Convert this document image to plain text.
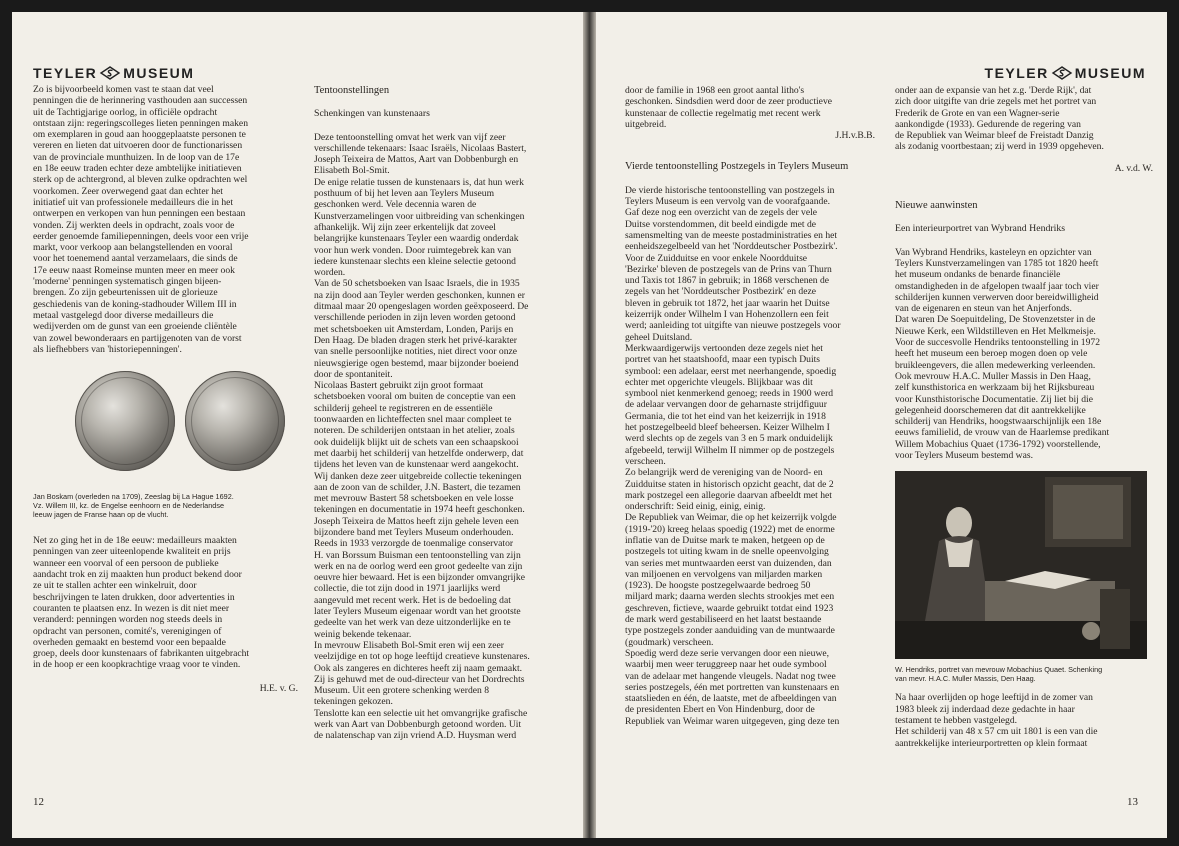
TEYLER MUSEUM

Zo is bijvoorbeeld komen vast te staan dat veel
penningen die de herinnering vasthouden aan successen
uit de Tachtigjarige oorlog, in officiële opdracht
ontstaan zijn: regeringscolleges lieten penningen maken
om exemplaren in goud aan hooggeplaatste personen te
vereren en lieten dat uitvoeren door de functionarissen
van de provinciale munthuizen. In de loop van de 17e
en 18e eeuw traden echter deze ambtelijke initiatieven
sterk op de achtergrond, al bleven zulke opdrachten wel
voorkomen. Zeer overwegend gaat dan echter het
initiatief uit van professionele medailleurs die in het
ontwerpen en verkopen van hun penningen een bestaan
vonden. Zij werkten deels in opdracht, zoals voor de
eerder genoemde familiepenningen, deels voor een vrije
markt, voor verkoop aan belangstellenden en vooral
voor het toenemend aantal verzamelaars, die sinds de
17e eeuw naast Romeinse munten meer en meer ook
'moderne' penningen systematisch gingen bijeen-
brengen. Zo zijn gebeurtenissen uit de glorieuze
geschiedenis van de koning-stadhouder Willem III in
metaal vastgelegd door diverse medailleurs die
wedijverden om de gunst van een groeiende cliëntèle
van zowel bewonderaars en partijgenoten van de vorst
als liefhebbers van 'historiepenningen'.

Jan Boskam (overleden na 1709), Zeeslag bij La Hague 1692.
Vz. Willem III, kz. de Engelse eenhoorn en de Nederlandse
leeuw jagen de Franse haan op de vlucht.

Net zo ging het in de 18e eeuw: medailleurs maakten
penningen van zeer uiteenlopende kwaliteit en prijs
wanneer een voorval of een persoon de publieke
aandacht trok en zij maakten hun product bekend door
ze uit te stallen achter een winkelruit, door
beschrijvingen te laten drukken, door advertenties in
couranten te plaatsen enz. In wezen is dit niet meer
veranderd: penningen worden nog steeds deels in
opdracht van personen, comité's, verenigingen of
overheden gemaakt en bestemd voor een bepaalde
groep, deels door kunstenaars of fabrikanten uitgebracht
in de hoop er een koopkrachtige vraag voor te vinden.

H.E. v. G.

Tentoonstellingen

Schenkingen van kunstenaars

Deze tentoonstelling omvat het werk van vijf zeer
verschillende tekenaars: Isaac Israëls, Nicolaas Bastert,
Joseph Teixeira de Mattos, Aart van Dobbenburgh en
Elisabeth Bol-Smit.
De enige relatie tussen de kunstenaars is, dat hun werk
posthuum of bij het leven aan Teylers Museum
geschonken werd. Vele decennia waren de
Kunstverzamelingen voor uitbreiding van schenkingen
afhankelijk. Wij zijn zeer erkentelijk dat zoveel
belangrijke kunstenaars Teyler een waardig onderdak
voor hun werk vonden. Door ruimtegebrek kan van
iedere kunstenaar slechts een kleine selectie getoond
worden.
Van de 50 schetsboeken van Isaac Israels, die in 1935
na zijn dood aan Teyler werden geschonken, kunnen er
ditmaal maar 20 opengeslagen worden geëxposeerd. De
verschillende perioden in zijn leven worden getoond
met schetsboeken uit Amsterdam, Londen, Parijs en
Den Haag. De bladen dragen sterk het privé-karakter
van snelle persoonlijke notities, niet direct voor onze
nieuwsgierige ogen bestemd, maar bijzonder boeiend
door de spontaniteit.
Nicolaas Bastert gebruikt zijn groot formaat
schetsboeken vooral om buiten de conceptie van een
schilderij geheel te registreren en de essentiële
toonwaarden en lichteffecten snel maar compleet te
noteren. De schilderijen ontstaan in het atelier, zoals
ook duidelijk blijkt uit de schets van een schaapskooi
met daarbij het schilderij van hetzelfde onderwerp, dat
tijdens het leven van de kunstenaar werd aangekocht.
Wij danken deze zeer uitgebreide collectie tekeningen
aan de zoon van de schilder, J.N. Bastert, die tezamen
met mevrouw Bastert 58 schetsboeken en vele losse
tekeningen en documentatie in 1974 heeft geschonken.
Joseph Teixeira de Mattos heeft zijn gehele leven een
bijzondere band met Teylers Museum onderhouden.
Reeds in 1933 verzorgde de toenmalige conservator
H. van Borssum Buisman een tentoonstelling van zijn
werk en na de oorlog werd een groot gedeelte van zijn
oeuvre hier bewaard. Het is een bijzonder omvangrijke
collectie, die tot zijn dood in 1971 jaarlijks werd
aangevuld met recent werk. Het is de bedoeling dat
later Teylers Museum eigenaar wordt van het grootste
gedeelte van het werk van deze uitzonderlijke en te
weinig bekende tekenaar.
In mevrouw Elisabeth Bol-Smit eren wij een zeer
veelzijdige en tot op hoge leeftijd creatieve kunstenares.
Ook als zangeres en dichteres heeft zij naam gemaakt.
Zij is gehuwd met de oud-directeur van het Dordrechts
Museum. Uit een grotere schenking werden 8
tekeningen gekozen.
Tenslotte kan een selectie uit het omvangrijke grafische
werk van Aart van Dobbenburgh getoond worden. Uit
de nalatenschap van zijn vriend A.D. Huysman werd

12
TEYLER MUSEUM

door de familie in 1968 een groot aantal litho's
geschonken. Sindsdien werd door de zeer productieve
kunstenaar de collectie regelmatig met recent werk
uitgebreid.

J.H.v.B.B.

Vierde tentoonstelling Postzegels in Teylers Museum

De vierde historische tentoonstelling van postzegels in
Teylers Museum is een vervolg van de voorafgaande.
Gaf deze nog een overzicht van de zegels der vele
Duitse vorstendommen, dit beeld eindigde met de
samensmelting van de meeste postadministraties en het
eenheidszegelbeeld van het 'Norddeutscher Postbezirk'.
Voor de Zuidduitse en voor enkele Noordduitse
'Bezirke' bleven de postzegels van de Prins van Thurn
und Taxis tot 1867 in gebruik; in 1868 verschenen de
zegels van het 'Norddeutscher Postbezirk' en deze
bleven in gebruik tot 1872, het jaar waarin het Duitse
keizerrijk onder Wilhelm I van Hohenzollern een feit
werd; aanleiding tot uitgifte van nieuwe postzegels voor
geheel Duitsland.
Merkwaardigerwijs vertoonden deze zegels niet het
portret van het staatshoofd, maar een typisch Duits
symbool: een adelaar, eerst met neerhangende, spoedig
echter met opgerichte vleugels. Blijkbaar was dit
symbool niet kenmerkend genoeg; reeds in 1900 werd
de adelaar vervangen door de geharnaste strijdfiguur
Germania, die tot het eind van het keizerrijk in 1918
het postzegelbeeld bleef beheersen. Keizer Wilhelm I
werd slechts op de zegels van 3 en 5 mark onduidelijk
afgebeeld, terwijl Wilhelm II nimmer op de postzegels
verscheen.
Zo belangrijk werd de vereniging van de Noord- en
Zuidduitse staten in historisch opzicht geacht, dat de 2
mark postzegel een allegorie daarvan afbeeldt met het
onderschrift: Seid einig, einig, einig.
De Republiek van Weimar, die op het keizerrijk volgde
(1919-'20) kreeg helaas spoedig (1922) met de enorme
inflatie van de Duitse mark te maken, hetgeen op de
postzegels tot uiting kwam in de snelle opeenvolging
van series met muntwaarden eerst van duizenden, dan
van miljoenen en vervolgens van miljarden marken
(1923). De hoogste postzegelwaarde bedroeg 50
miljard mark; daarna werden slechts strookjes met een
geschreven, fictieve, waarde gebruikt totdat eind 1923
de mark werd gestabiliseerd en het laatst bestaande
type postzegels zonder aanduiding van de muntwaarde
(goudmark) verscheen.
Spoedig werd deze serie vervangen door een nieuwe,
waarbij men weer teruggreep naar het oude symbool
van de adelaar met hangende vleugels. Nadat nog twee
series postzegels, één met portretten van kunstenaars en
staatslieden en één, de laatste, met de afbeeldingen van
de presidenten Ebert en Von Hindenburg, door de
Republiek van Weimar waren uitgegeven, ging deze ten

onder aan de expansie van het z.g. 'Derde Rijk', dat
zich door uitgifte van drie zegels met het portret van
Frederik de Grote en van een Wagner-serie
aankondigde (1933). Gedurende de regering van
de Republiek van Weimar bleef de Freistadt Danzig
als zodanig voortbestaan; zij werd in 1939 opgeheven.

A. v.d. W.

Nieuwe aanwinsten

Een interieurportret van Wybrand Hendriks

Van Wybrand Hendriks, kasteleyn en opzichter van
Teylers Kunstverzamelingen van 1785 tot 1820 heeft
het museum ondanks de benarde financiële
omstandigheden in de afgelopen twaalf jaar toch vier
schilderijen kunnen verwerven door bereidwilligheid
van de eigenaren en steun van het Anjerfonds.
Dat waren De Soepuitdeling, De Stovenzetster in de
Nieuwe Kerk, een Wildstilleven en Het Melkmeisje.
Voor de succesvolle Hendriks tentoonstelling in 1972
heeft het museum een beroep mogen doen op vele
bruikleengevers, die allen medewerking verleenden.
Ook mevrouw H.A.C. Muller Massis in Den Haag,
zelf kunsthistorica en werkzaam bij het Rijksbureau
voor Kunsthistorische Documentatie. Zij liet bij die
gelegenheid doorschemeren dat dit aantrekkelijke
schilderij van Hendriks, hoogstwaarschijnlijk een 18e
eeuws familielid, de vrouw van de Haarlemse predikant
Willem Mobachius Quaet (1736-1792) voorstellende,
voor Teylers Museum bestemd was.

W. Hendriks, portret van mevrouw Mobachius Quaet. Schenking
van mevr. H.A.C. Muller Massis, Den Haag.

Na haar overlijden op hoge leeftijd in de zomer van
1983 bleek zij inderdaad deze gedachte in haar
testament te hebben vastgelegd.
Het schilderij van 48 x 57 cm uit 1801 is een van die
aantrekkelijke interieurportretten op klein formaat

13
